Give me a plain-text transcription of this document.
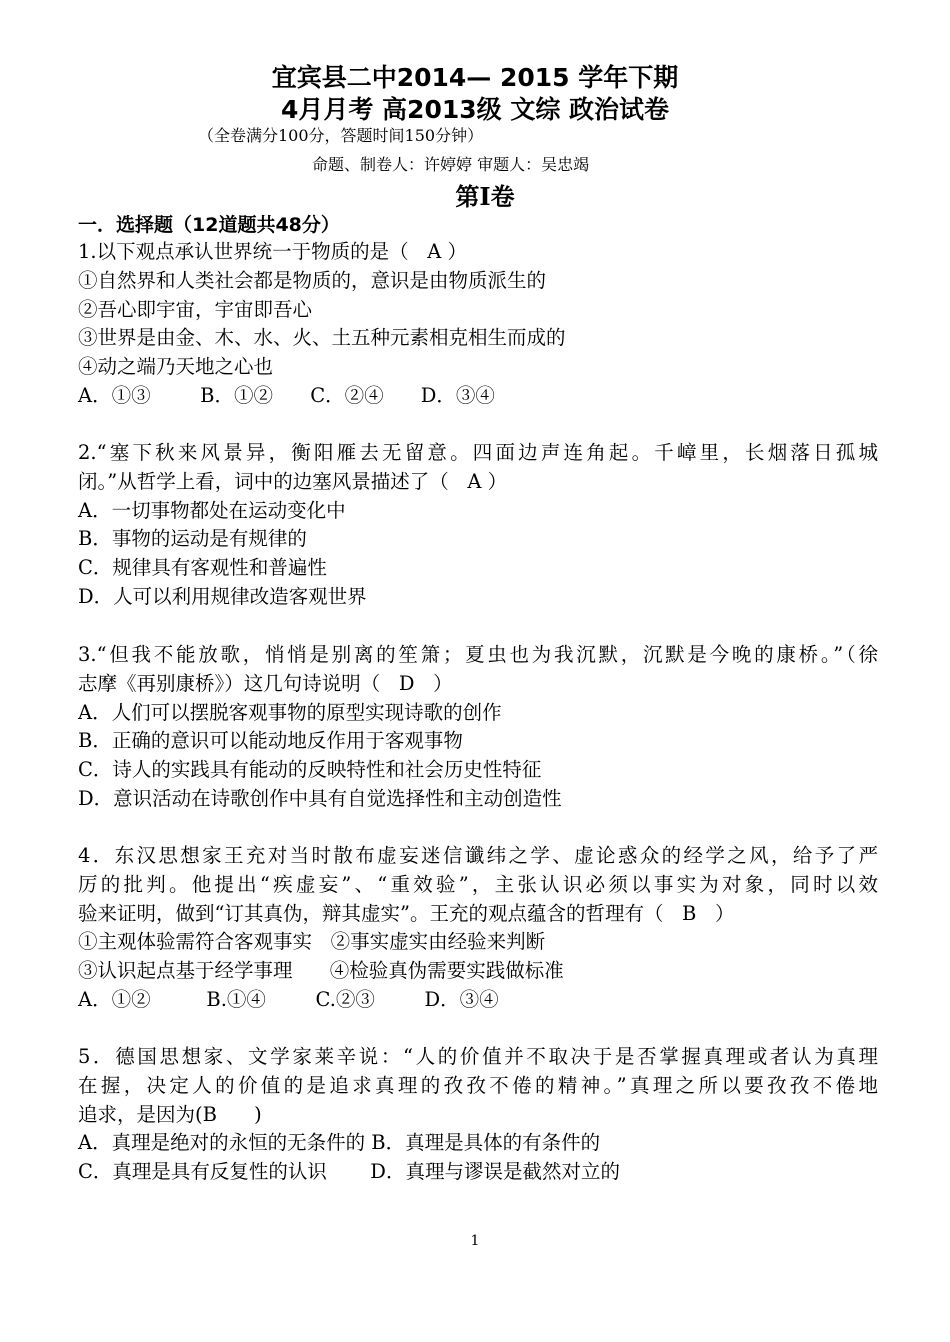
宜宾县二中2014— 2015 学年下期
4月月考 高2013级 文综 政治试卷
（全卷满分100分，答题时间150分钟）
命题、制卷人：许婷婷 审题人：吴忠竭
第I卷
一．选择题（12道题共48分）
1.以下观点承认世界统一于物质的是（   A ）
①自然界和人类社会都是物质的，意识是由物质派生的
②吾心即宇宙，宇宙即吾心
③世界是由金、木、水、火、土五种元素相克相生而成的
④动之端乃天地之心也
A．①③        B．①②      C．②④      D．③④
2.“塞下秋来风景异，衡阳雁去无留意。四面边声连角起。千嶂里，长烟落日孤城
闭。”从哲学上看，词中的边塞风景描述了（   A ）
A．一切事物都处在运动变化中
B．事物的运动是有规律的
C．规律具有客观性和普遍性
D．人可以利用规律改造客观世界
3.“但我不能放歌，悄悄是别离的笙箫；夏虫也为我沉默，沉默是今晚的康桥。”（徐
志摩《再别康桥》）这几句诗说明（   D   ）
A．人们可以摆脱客观事物的原型实现诗歌的创作
B．正确的意识可以能动地反作用于客观事物
C．诗人的实践具有能动的反映特性和社会历史性特征
D．意识活动在诗歌创作中具有自觉选择性和主动创造性
4．东汉思想家王充对当时散布虚妄迷信谶纬之学、虚论惑众的经学之风，给予了严
厉的批判。他提出“疾虚妄”、“重效验”，主张认识必须以事实为对象，同时以效
验来证明，做到“订其真伪，辩其虚实”。王充的观点蕴含的哲理有（   B   ）
①主观体验需符合客观事实   ②事实虚实由经验来判断
③认识起点基于经学事理      ④检验真伪需要实践做标准
A．①②         B.①④        C.②③        D．③④
5．德国思想家、文学家莱辛说：“人的价值并不取决于是否掌握真理或者认为真理
在握，决定人的价值的是追求真理的孜孜不倦的精神。”真理之所以要孜孜不倦地
追求，是因为(B      )
A．真理是绝对的永恒的无条件的 B．真理是具体的有条件的
C．真理是具有反复性的认识       D．真理与谬误是截然对立的
1
